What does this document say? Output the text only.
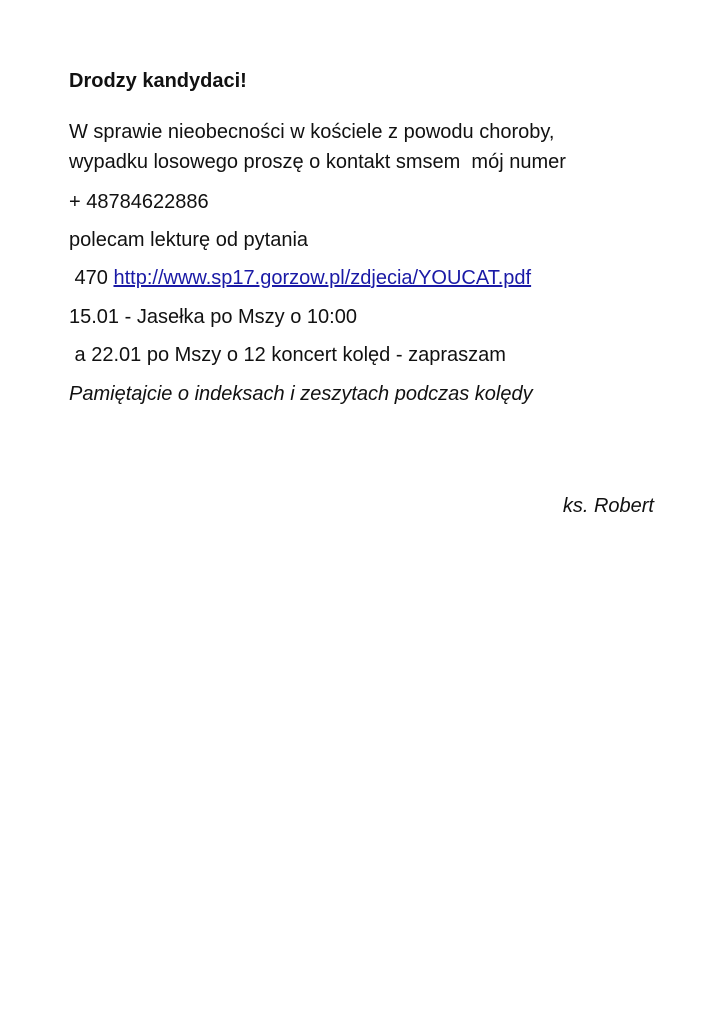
Drodzy kandydaci!
W sprawie nieobecności w kościele z powodu choroby,
wypadku losowego proszę o kontakt smsem  mój numer
+ 48784622886
polecam lekturę od pytania
470 http://www.sp17.gorzow.pl/zdjecia/YOUCAT.pdf
15.01 - Jasełka po Mszy o 10:00
a 22.01 po Mszy o 12 koncert kolęd - zapraszam
Pamiętajcie o indeksach i zeszytach podczas kolędy
ks. Robert
